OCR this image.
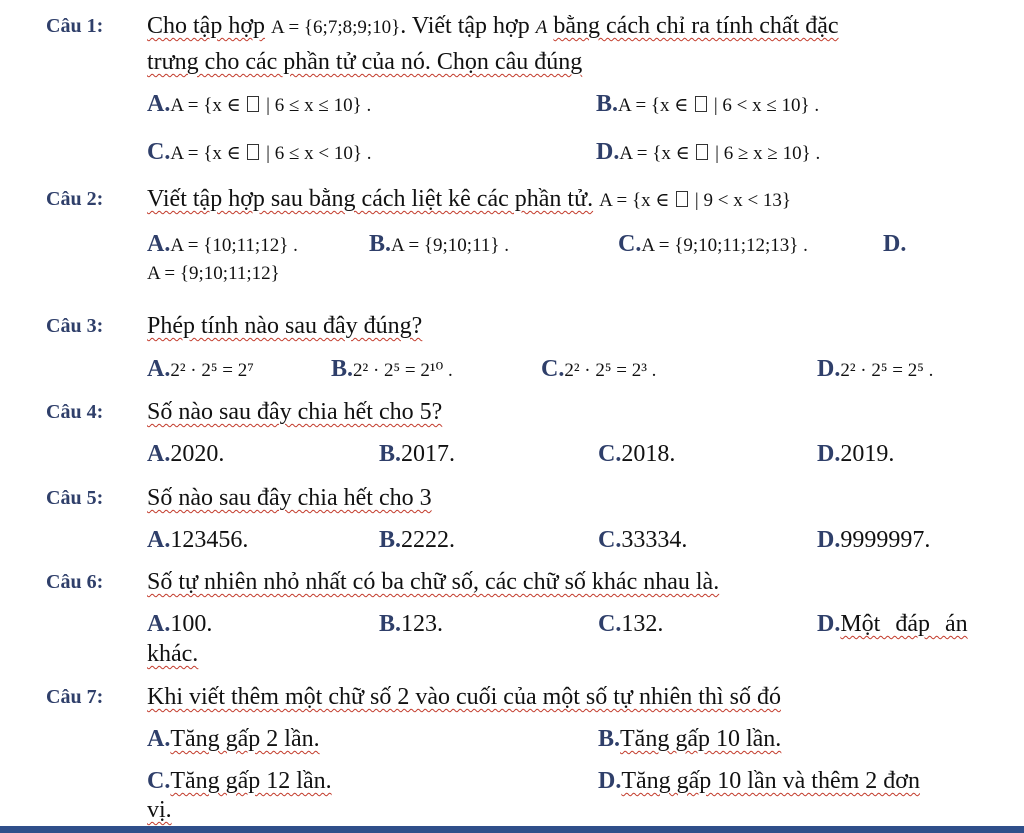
Câu 1: Cho tập hợp A = {6;7;8;9;10}. Viết tập hợp A bằng cách chỉ ra tính chất đặc
trưng cho các phần tử của nó. Chọn câu đúng
A.A = {x ∈  | 6 ≤ x ≤ 10} .	B.A = {x ∈  | 6 < x ≤ 10} .
C.A = {x ∈  | 6 ≤ x < 10} .	D.A = {x ∈  | 6 ≥ x ≥ 10} .
Câu 2: Viết tập hợp sau bằng cách liệt kê các phần tử. A = {x ∈  | 9 < x < 13}
A.A = {10;11;12} .	B.A = {9;10;11} .	C.A = {9;10;11;12;13} .	D.
A = {9;10;11;12}
Câu 3: Phép tính nào sau đây đúng?
A.2² · 2⁵ = 2⁷	B.2² · 2⁵ = 2¹⁰ .	C.2² · 2⁵ = 2³ .	D.2² · 2⁵ = 2⁵ .
Câu 4: Số nào sau đây chia hết cho 5?
A.2020.	B.2017.	C.2018.	D.2019.
Câu 5: Số nào sau đây chia hết cho 3
A.123456.	B.2222.	C.33334.	D.9999997.
Câu 6: Số tự nhiên nhỏ nhất có ba chữ số, các chữ số khác nhau là.
A.100.	B.123.	C.132.	D.Một đáp án
khác.
Câu 7: Khi viết thêm một chữ số 2 vào cuối của một số tự nhiên thì số đó
A.Tăng gấp 2 lần.	B.Tăng gấp 10 lần.
C.Tăng gấp 12 lần.	D.Tăng gấp 10 lần và thêm 2 đơn
vị.
